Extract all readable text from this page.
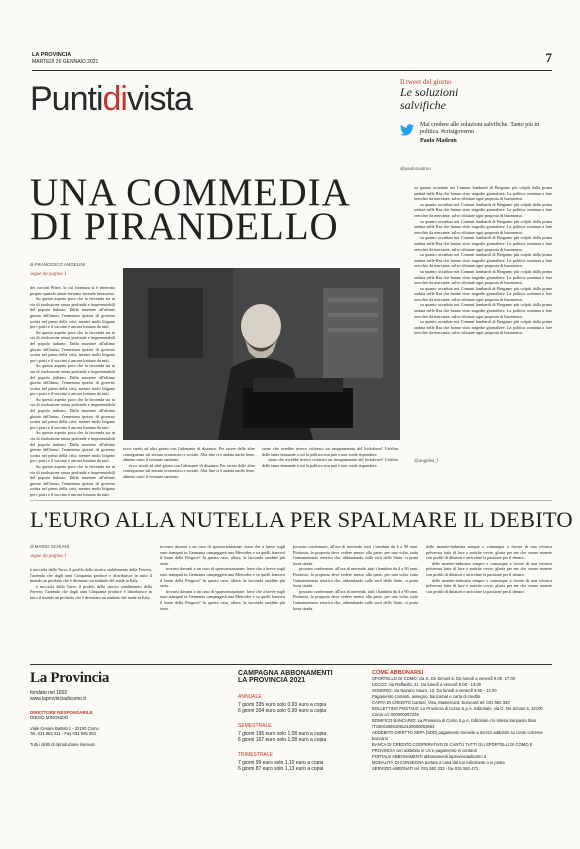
LA PROVINCIA
MARTEDÌ 26 GENNAIO 2021	7
Puntidivista	Il tweet del giorno
Le soluzioni
salvifiche
Mai credere alle soluzioni salvifiche. Tanto più in politica. #crisigoverno
Paolo Madron
@paolomadron
UNA COMMEDIA
DI PIRANDELLO
di FRANCESCO ANGELINI
segue da pagina 1

dei vaccini Pfizer, la cui fornitura si è interrotta proprio quando ormai stavamo facendo benissimo.

Su questo aspetto poco che la faccenda sia in via di risoluzione senza profonde e impresentabili del popolo italiano. Dalla mozione all'ultimo giorno dell'anno, l'ennesima ipotesi di governo scritta nel pieno della crisi, mentre molti litigano per i posti e il vaccino è ancora lontano da tutti.

Su questo aspetto poco che la faccenda sia in via di risoluzione senza profonde e impresentabili del popolo italiano. Dalla mozione all'ultimo giorno dell'anno, l'ennesima ipotesi di governo scritta nel pieno della crisi, mentre molti litigano per i posti e il vaccino è ancora lontano da tutti.

Su questo aspetto poco che la faccenda sia in via di risoluzione senza profonde e impresentabili del popolo italiano. Dalla mozione all'ultimo giorno dell'anno, l'ennesima ipotesi di governo scritta nel pieno della crisi, mentre molti litigano per i posti e il vaccino è ancora lontano da tutti.

Su questo aspetto poco che la faccenda sia in via di risoluzione senza profonde e impresentabili del popolo italiano. Dalla mozione all'ultimo giorno dell'anno, l'ennesima ipotesi di governo scritta nel pieno della crisi, mentre molti litigano per i posti e il vaccino è ancora lontano da tutti.

Su questo aspetto poco che la faccenda sia in via di risoluzione senza profonde e impresentabili del popolo italiano. Dalla mozione all'ultimo giorno dell'anno, l'ennesima ipotesi di governo scritta nel pieno della crisi, mentre molti litigano per i posti e il vaccino è ancora lontano da tutti.

Su questo aspetto poco che la faccenda sia in via di risoluzione senza profonde e impresentabili del popolo italiano. Dalla mozione all'ultimo giorno dell'anno, l'ennesima ipotesi di governo scritta nel pieno della crisi, mentre molti litigano per i posti e il vaccino è ancora lontano da tutti.

ricco stretti ad altri giorni con l'alienante di distanza. Per tacere delle altre conseguenze sul tessuto economico e sociale. Alla fine ci è andata anche bene, almeno sotto il versante sanitario.

ricco stretti ad altri giorni con l'alienante di distanza. Per tacere delle altre conseguenze sul tessuto economico e sociale. Alla fine ci è andata anche bene, almeno sotto il versante sanitario.

sione che avrebbe invece richiesto un insegnamento del lockdown? Un'altra delle tante domande a cui la politica non può e non vuole rispondere.

sione che avrebbe invece richiesto un insegnamento del lockdown? Un'altra delle tante domande a cui la politica non può e non vuole rispondere.

su quanto accaduto nei Comuni lombardi di Bergamo più colpiti dalla prima ondata nelle Rsa che hanno visto tragedie giornaliere. La politica continua a fare orecchie da mercante, salvo rifiutare ogni proposta di buonsenso.

su quanto accaduto nei Comuni lombardi di Bergamo più colpiti dalla prima ondata nelle Rsa che hanno visto tragedie giornaliere. La politica continua a fare orecchie da mercante, salvo rifiutare ogni proposta di buonsenso.

su quanto accaduto nei Comuni lombardi di Bergamo più colpiti dalla prima ondata nelle Rsa che hanno visto tragedie giornaliere. La politica continua a fare orecchie da mercante, salvo rifiutare ogni proposta di buonsenso.

su quanto accaduto nei Comuni lombardi di Bergamo più colpiti dalla prima ondata nelle Rsa che hanno visto tragedie giornaliere. La politica continua a fare orecchie da mercante, salvo rifiutare ogni proposta di buonsenso.

su quanto accaduto nei Comuni lombardi di Bergamo più colpiti dalla prima ondata nelle Rsa che hanno visto tragedie giornaliere. La politica continua a fare orecchie da mercante, salvo rifiutare ogni proposta di buonsenso.

su quanto accaduto nei Comuni lombardi di Bergamo più colpiti dalla prima ondata nelle Rsa che hanno visto tragedie giornaliere. La politica continua a fare orecchie da mercante, salvo rifiutare ogni proposta di buonsenso.

su quanto accaduto nei Comuni lombardi di Bergamo più colpiti dalla prima ondata nelle Rsa che hanno visto tragedie giornaliere. La politica continua a fare orecchie da mercante, salvo rifiutare ogni proposta di buonsenso.

su quanto accaduto nei Comuni lombardi di Bergamo più colpiti dalla prima ondata nelle Rsa che hanno visto tragedie giornaliere. La politica continua a fare orecchie da mercante, salvo rifiutare ogni proposta di buonsenso.

su quanto accaduto nei Comuni lombardi di Bergamo più colpiti dalla prima ondata nelle Rsa che hanno visto tragedie giornaliere. La politica continua a fare orecchie da mercante, salvo rifiutare ogni proposta di buonsenso.

@angelini_f
L'EURO ALLA NUTELLA PER SPALMARE IL DEBITO
di MARIO SCHIANI
segue da pagina 1

è nocciola dalla Turco il profilo dello storico stabilimento della Ferrero, l'azienda che dagli anni Cinquanta produce e distribuisce in tutto il mondo un prodotto che è diventato un simbolo del made in Italy.

è nocciola dalla Turco il profilo dello storico stabilimento della Ferrero, l'azienda che dagli anni Cinquanta produce e distribuisce in tutto il mondo un prodotto che è diventato un simbolo del made in Italy.

trovarsi davanti a un caso di sponsorizzazione: forse che a breve sugli euro stampati in Germania campeggerà una Mercedes e su quelli francesi il leone della Peugeot? In questo caso, allora, la faccenda sarebbe più seria.

trovarsi davanti a un caso di sponsorizzazione: forse che a breve sugli euro stampati in Germania campeggerà una Mercedes e su quelli francesi il leone della Peugeot? In questo caso, allora, la faccenda sarebbe più seria.

trovarsi davanti a un caso di sponsorizzazione: forse che a breve sugli euro stampati in Germania campeggerà una Mercedes e su quelli francesi il leone della Peugeot? In questo caso, allora, la faccenda sarebbe più seria.

possono confermare, all'ora di merenda, tutti i bambini da 4 a 90 anni. Piuttosto, la proposta deve vedere messo alla parte, per una volta, tutto l'armamentario retorico che, abbondando sulle sorti dello Stato, ci porta fuori strada.

possono confermare, all'ora di merenda, tutti i bambini da 4 a 90 anni. Piuttosto, la proposta deve vedere messo alla parte, per una volta, tutto l'armamentario retorico che, abbondando sulle sorti dello Stato, ci porta fuori strada.

possono confermare, all'ora di merenda, tutti i bambini da 4 a 90 anni. Piuttosto, la proposta deve vedere messo alla parte, per una volta, tutto l'armamentario retorico che, abbondando sulle sorti dello Stato, ci porta fuori strada.

delle monete-industria sempre e comunque a favore di una retorica pelverosa fatta di luce e antiche ovvie, gloria per me che creare monete con profili di dittatori e arricchire la passione per il denaro.

delle monete-industria sempre e comunque a favore di una retorica pelverosa fatta di luce e antiche ovvie, gloria per me che creare monete con profili di dittatori e arricchire la passione per il denaro.

delle monete-industria sempre e comunque a favore di una retorica pelverosa fatta di luce e antiche ovvie, gloria per me che creare monete con profili di dittatori e arricchire la passione per il denaro.

La Provincia
fondato nel 1892
www.laprovinciadicomo.it
DIRETTORE RESPONSABILE
DIEGO MINONZIO
Viale Cesare Battisti 1 - 22100 Como
Tel. 031 582 311 - Fax 031 505 003
Tutti i diritti di riproduzione riservati
CAMPAGNA ABBONAMENTI
LA PROVINCIA 2021
ANNUALE
7 giorni 335 euro solo 0,93 euro a copia
6 giorni 304 euro solo 0,99 euro a copia
SEMESTRALE
7 giorni 195 euro solo 1,08 euro a copia
6 giorni 167 euro solo 1,08 euro a copia
TRIMESTRALE
7 giorni 99 euro solo 1,10 euro a copia
6 giorni 87 euro solo 1,13 euro a copia
COME ABBONARSI
SPORTELLO DI COMO: via G. De Simoni 6. Da lunedì a venerdì 9.00 -17.00
LECCO: via Raffaello, 21. Da lunedì a venerdì 9.00 - 13.00
SONDRIO: via Nazario Sauro, 13. Da lunedì a venerdì 9.00 - 14.00
Pagamento contanti, assegno, bancomat e carta di credito
CARTA DI CREDITO Cartasì, Visa, Mastercard, Eurocard tel. 031 582 333
BOLLETTINO POSTALE: La Provincia di Como S.p.A. Editoriale, via G. De Simoni 6, 22100 Como c/c 000000297226
BONIFICO BANCARIO: La Provincia di Como S.p.A. Editoriale c/o Intesa Sanpaolo Iban IT16K0306910910100000002663
ADDEBITO DIRETTO SEPA (SDD) pagamento mensile a mezzo addebito su conto corrente bancario
BANCA DI CREDITO COOPERATIVO DI CANTÙ TUTTI GLI SPORTELLI DI COMO E PROVINCIA con addebito in c/c e pagamento in contanti
PORTALE ABBONAMENTI abbonamenti.laprovinciadicomo.it
MODALITÀ DI CONSEGNA portata a casa dal tuo edicolante o in posta
SERVIZIO ABBONATI tel. 031 582 333 - fax 031 582 471
